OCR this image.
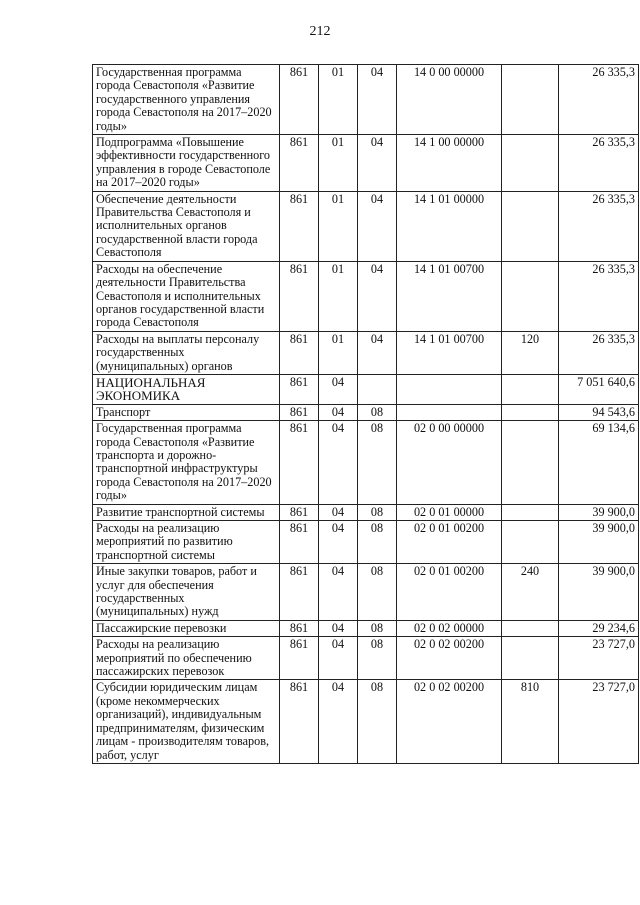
212
Государственная программа города Севастополя «Развитие государственного управления города Севастополя на 2017–2020 годы»	861	01	04	14 0 00 00000		26 335,3
Подпрограмма «Повышение эффективности государственного управления в городе Севастополе на 2017–2020 годы»	861	01	04	14 1 00 00000		26 335,3
Обеспечение деятельности Правительства Севастополя и исполнительных органов государственной власти города Севастополя	861	01	04	14 1 01 00000		26 335,3
Расходы на обеспечение деятельности Правительства Севастополя и исполнительных органов государственной власти города Севастополя	861	01	04	14 1 01 00700		26 335,3
Расходы на выплаты персоналу государственных (муниципальных) органов	861	01	04	14 1 01 00700	120	26 335,3
НАЦИОНАЛЬНАЯ ЭКОНОМИКА	861	04				7 051 640,6
Транспорт	861	04	08			94 543,6
Государственная программа города Севастополя «Развитие транспорта и дорожно-транспортной инфраструктуры города Севастополя на 2017–2020 годы»	861	04	08	02 0 00 00000		69 134,6
Развитие транспортной системы	861	04	08	02 0 01 00000		39 900,0
Расходы на реализацию мероприятий по развитию транспортной системы	861	04	08	02 0 01 00200		39 900,0
Иные закупки товаров, работ и услуг для обеспечения государственных (муниципальных) нужд	861	04	08	02 0 01 00200	240	39 900,0
Пассажирские перевозки	861	04	08	02 0 02 00000		29 234,6
Расходы на реализацию мероприятий по обеспечению пассажирских перевозок	861	04	08	02 0 02 00200		23 727,0
Субсидии юридическим лицам (кроме некоммерческих организаций), индивидуальным предпринимателям, физическим лицам - производителям товаров, работ, услуг	861	04	08	02 0 02 00200	810	23 727,0
